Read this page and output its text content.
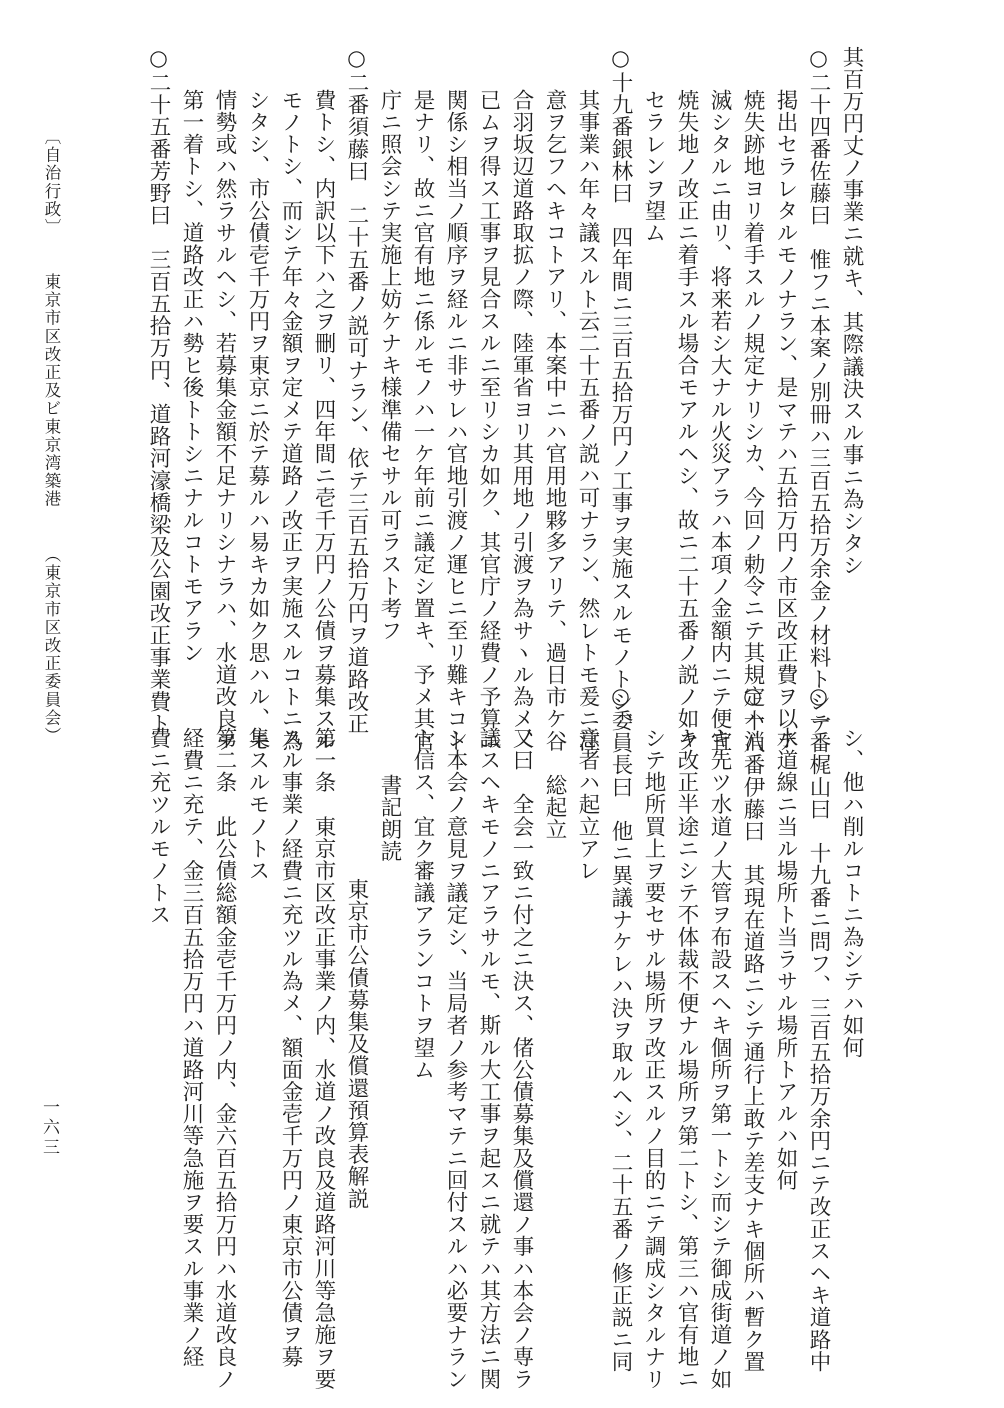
其百万円丈ノ事業ニ就キ、其際議決スル事ニ為シタシ

○二十四番佐藤曰　惟フニ本案ノ別冊ハ三百五拾万余金ノ材料トシテ

掲出セラレタルモノナラン、是マテハ五拾万円ノ市区改正費ヲ以テ

焼失跡地ヨリ着手スルノ規定ナリシカ、今回ノ勅令ニテ其規定ハ消

滅シタルニ由リ、将来若シ大ナル火災アラハ本項ノ金額内ニテ便宜

焼失地ノ改正ニ着手スル場合モアルヘシ、故ニ二十五番ノ説ノ如ク

セラレンヲ望ム

○十九番銀林曰　四年間ニ三百五拾万円ノ工事ヲ実施スルモノトシ、

其事業ハ年々議スルト云二十五番ノ説ハ可ナラン、然レトモ爰ニ注

意ヲ乞フヘキコトアリ、本案中ニハ官用地夥多アリテ、過日市ケ谷

合羽坂辺道路取拡ノ際、陸軍省ヨリ其用地ノ引渡ヲ為サヽル為メ、

已ムヲ得ス工事ヲ見合スルニ至リシカ如ク、其官庁ノ経費ノ予算ニ

関係シ相当ノ順序ヲ経ルニ非サレハ官地引渡ノ運ヒニ至リ難キコト

是ナリ、故ニ官有地ニ係ルモノハ一ケ年前ニ議定シ置キ、予メ其官

庁ニ照会シテ実施上妨ケナキ様準備セサル可ラスト考フ

○二番須藤曰　二十五番ノ説可ナラン、依テ三百五拾万円ヲ道路改正

費トシ、内訳以下ハ之ヲ刪リ、四年間ニ壱千万円ノ公債ヲ募集スル

モノトシ、而シテ年々金額ヲ定メテ道路ノ改正ヲ実施スルコトニ為

シタシ、市公債壱千万円ヲ東京ニ於テ募ルハ易キカ如ク思ハル、モ

情勢或ハ然ラサルヘシ、若募集金額不足ナリシナラハ、水道改良ヲ

第一着トシ、道路改正ハ勢ヒ後トトシニナルコトモアラン

○二十五番芳野曰　三百五拾万円、道路河濠橋梁及公園改正事業費ト

シ、他ハ削ルコトニ為シテハ如何

○一番梶山曰　十九番ニ問フ、三百五拾万余円ニテ改正スヘキ道路中

水道線ニ当ル場所ト当ラサル場所トアルハ如何

○十八番伊藤曰　其現在道路ニシテ通行上敢テ差支ナキ個所ハ暫ク置

キ先ツ水道ノ大管ヲ布設スヘキ個所ヲ第一トシ而シテ御成街道ノ如

キ改正半途ニシテ不体裁不便ナル場所ヲ第二トシ、第三ハ官有地ニ

シテ地所買上ヲ要セサル場所ヲ改正スルノ目的ニテ調成シタルナリ

○委員長曰　他ニ異議ナケレハ決ヲ取ルヘシ、二十五番ノ修正説ニ同

意者ハ起立アレ

総起立

又曰　全会一致ニ付之ニ決ス、偖公債募集及償還ノ事ハ本会ノ専ラ

議スヘキモノニアラサルモ、斯ル大工事ヲ起スニ就テハ其方法ニ関

シ本会ノ意見ヲ議定シ、当局者ノ参考マテニ回付スルハ必要ナラン

ト信ス、宜ク審議アランコトヲ望ム

書記朗読

東京市公債募集及償還預算表解説

第一条　東京市区改正事業ノ内、水道ノ改良及道路河川等急施ヲ要

スル事業ノ経費ニ充ツル為メ、額面金壱千万円ノ東京市公債ヲ募

集スルモノトス

第二条　此公債総額金壱千万円ノ内、金六百五拾万円ハ水道改良ノ

経費ニ充テ、金三百五拾万円ハ道路河川等急施ヲ要スル事業ノ経

費ニ充ツルモノトス

〔自治行政〕 東京市区改正及ビ東京湾築港 （東京市区改正委員会）
一六三
